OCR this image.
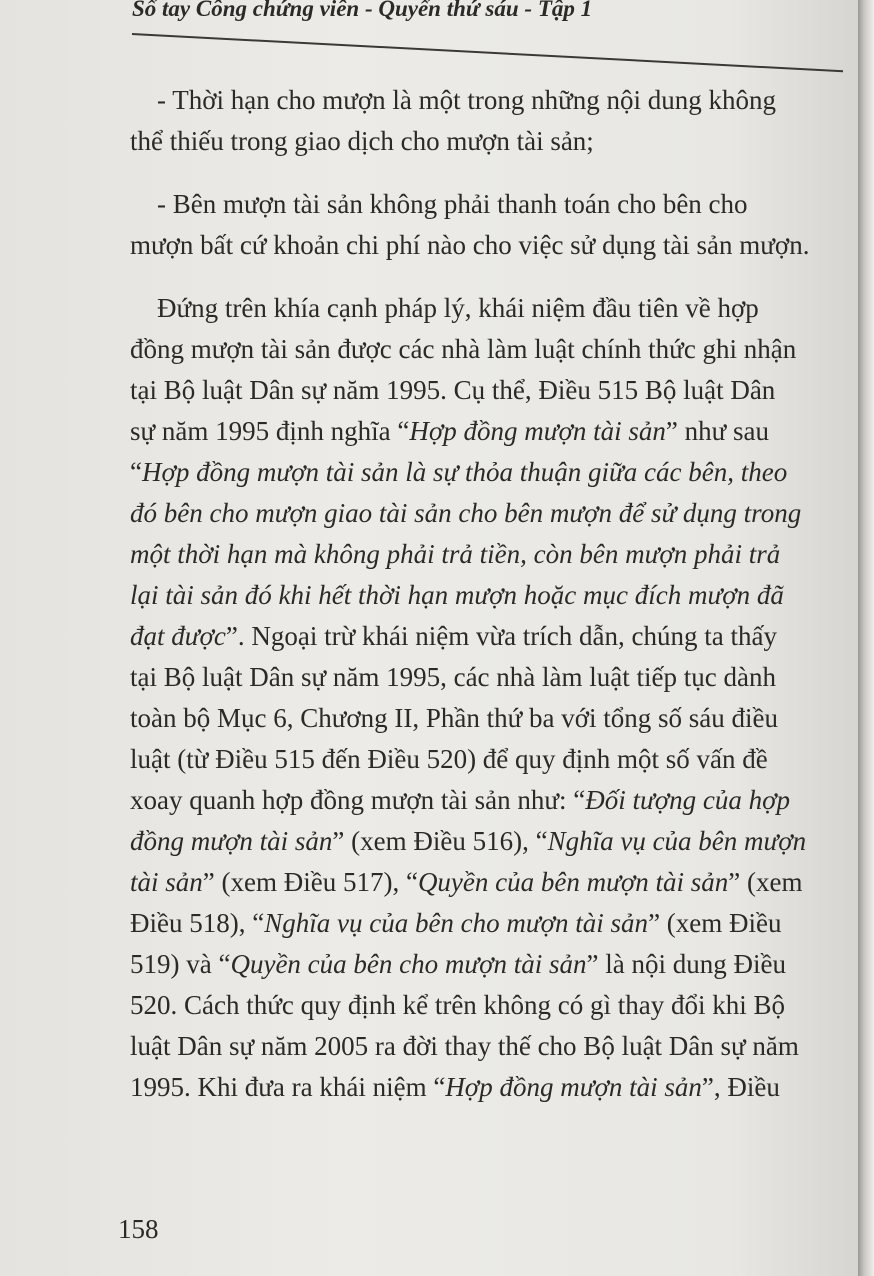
Sổ tay Công chứng viên - Quyển thứ sáu - Tập 1
- Thời hạn cho mượn là một trong những nội dung không
thể thiếu trong giao dịch cho mượn tài sản;
- Bên mượn tài sản không phải thanh toán cho bên cho
mượn bất cứ khoản chi phí nào cho việc sử dụng tài sản mượn.
Đứng trên khía cạnh pháp lý, khái niệm đầu tiên về hợp
đồng mượn tài sản được các nhà làm luật chính thức ghi nhận
tại Bộ luật Dân sự năm 1995. Cụ thể, Điều 515 Bộ luật Dân
sự năm 1995 định nghĩa “Hợp đồng mượn tài sản” như sau
“Hợp đồng mượn tài sản là sự thỏa thuận giữa các bên, theo
đó bên cho mượn giao tài sản cho bên mượn để sử dụng trong
một thời hạn mà không phải trả tiền, còn bên mượn phải trả
lại tài sản đó khi hết thời hạn mượn hoặc mục đích mượn đã
đạt được”. Ngoại trừ khái niệm vừa trích dẫn, chúng ta thấy
tại Bộ luật Dân sự năm 1995, các nhà làm luật tiếp tục dành
toàn bộ Mục 6, Chương II, Phần thứ ba với tổng số sáu điều
luật (từ Điều 515 đến Điều 520) để quy định một số vấn đề
xoay quanh hợp đồng mượn tài sản như: “Đối tượng của hợp
đồng mượn tài sản” (xem Điều 516), “Nghĩa vụ của bên mượn
tài sản” (xem Điều 517), “Quyền của bên mượn tài sản” (xem
Điều 518), “Nghĩa vụ của bên cho mượn tài sản” (xem Điều
519) và “Quyền của bên cho mượn tài sản” là nội dung Điều
520. Cách thức quy định kể trên không có gì thay đổi khi Bộ
luật Dân sự năm 2005 ra đời thay thế cho Bộ luật Dân sự năm
1995. Khi đưa ra khái niệm “Hợp đồng mượn tài sản”, Điều
158
